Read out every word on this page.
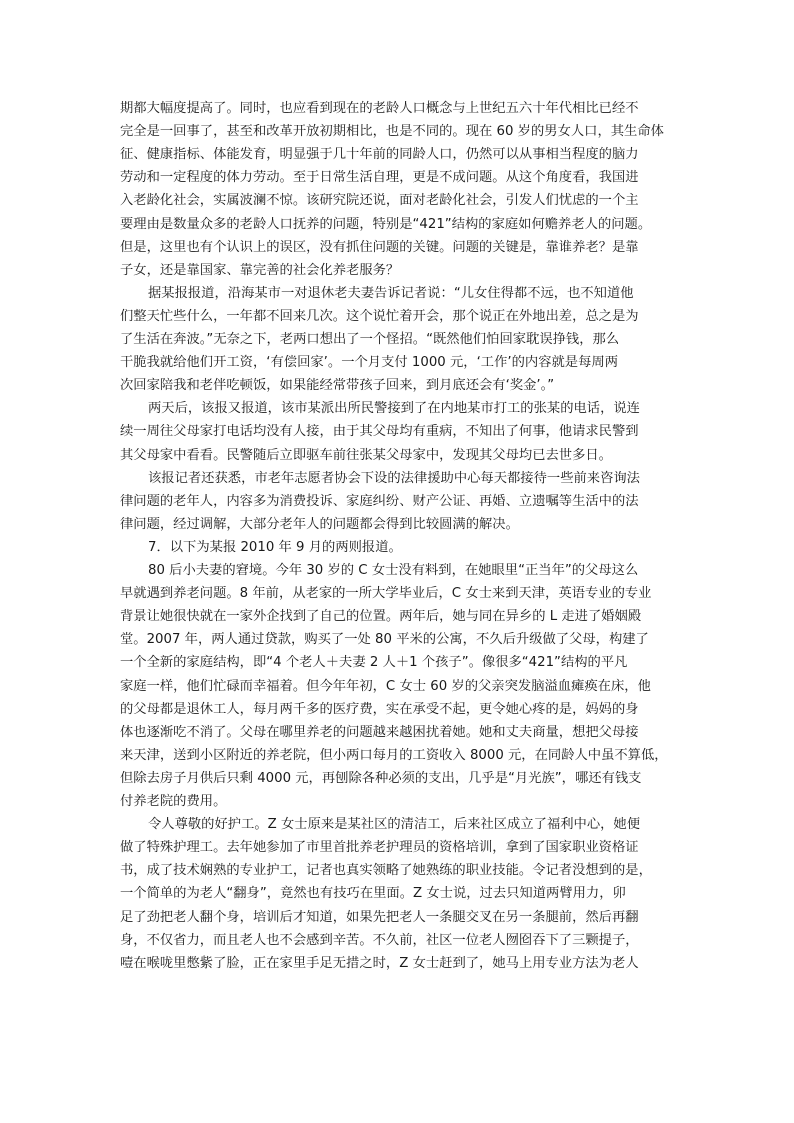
期都大幅度提高了。同时，也应看到现在的老龄人口概念与上世纪五六十年代相比已经不
完全是一回事了，甚至和改革开放初期相比，也是不同的。现在 60 岁的男女人口，其生命体
征、健康指标、体能发育，明显强于几十年前的同龄人口，仍然可以从事相当程度的脑力
劳动和一定程度的体力劳动。至于日常生活自理，更是不成问题。从这个角度看，我国进
入老龄化社会，实属波澜不惊。该研究院还说，面对老龄化社会，引发人们忧虑的一个主
要理由是数量众多的老龄人口抚养的问题，特别是“421”结构的家庭如何赡养老人的问题。
但是，这里也有个认识上的误区，没有抓住问题的关键。问题的关键是，靠谁养老？是靠
子女，还是靠国家、靠完善的社会化养老服务？
据某报报道，沿海某市一对退休老夫妻告诉记者说：“儿女住得都不远，也不知道他
们整天忙些什么，一年都不回来几次。这个说忙着开会，那个说正在外地出差，总之是为
了生活在奔波。”无奈之下，老两口想出了一个怪招。“既然他们怕回家耽误挣钱，那么
干脆我就给他们开工资，‘有偿回家’。一个月支付 1000 元，‘工作’的内容就是每周两
次回家陪我和老伴吃顿饭，如果能经常带孩子回来，到月底还会有‘奖金’。”
两天后，该报又报道，该市某派出所民警接到了在内地某市打工的张某的电话，说连
续一周往父母家打电话均没有人接，由于其父母均有重病，不知出了何事，他请求民警到
其父母家中看看。民警随后立即驱车前往张某父母家中，发现其父母均已去世多日。
该报记者还获悉，市老年志愿者协会下设的法律援助中心每天都接待一些前来咨询法
律问题的老年人，内容多为消费投诉、家庭纠纷、财产公证、再婚、立遗嘱等生活中的法
律问题，经过调解，大部分老年人的问题都会得到比较圆满的解决。
7．以下为某报 2010 年 9 月的两则报道。
80 后小夫妻的窘境。今年 30 岁的 C 女士没有料到，在她眼里“正当年”的父母这么
早就遇到养老问题。8 年前，从老家的一所大学毕业后，C 女士来到天津，英语专业的专业
背景让她很快就在一家外企找到了自己的位置。两年后，她与同在异乡的 L 走进了婚姻殿
堂。2007 年，两人通过贷款，购买了一处 80 平米的公寓，不久后升级做了父母，构建了
一个全新的家庭结构，即“4 个老人＋夫妻 2 人＋1 个孩子”。像很多“421”结构的平凡
家庭一样，他们忙碌而幸福着。但今年年初，C 女士 60 岁的父亲突发脑溢血瘫痪在床，他
的父母都是退休工人，每月两千多的医疗费，实在承受不起，更令她心疼的是，妈妈的身
体也逐渐吃不消了。父母在哪里养老的问题越来越困扰着她。她和丈夫商量，想把父母接
来天津，送到小区附近的养老院，但小两口每月的工资收入 8000 元，在同龄人中虽不算低，
但除去房子月供后只剩 4000 元，再刨除各种必须的支出，几乎是“月光族”，哪还有钱支
付养老院的费用。
令人尊敬的好护工。Z 女士原来是某社区的清洁工，后来社区成立了福利中心，她便
做了特殊护理工。去年她参加了市里首批养老护理员的资格培训，拿到了国家职业资格证
书，成了技术娴熟的专业护工，记者也真实领略了她熟练的职业技能。令记者没想到的是，
一个简单的为老人“翻身”，竟然也有技巧在里面。Z 女士说，过去只知道两臂用力，卯
足了劲把老人翻个身，培训后才知道，如果先把老人一条腿交叉在另一条腿前，然后再翻
身，不仅省力，而且老人也不会感到辛苦。不久前，社区一位老人囫囵吞下了三颗提子，
噎在喉咙里憋紫了脸，正在家里手足无措之时，Z 女士赶到了，她马上用专业方法为老人
